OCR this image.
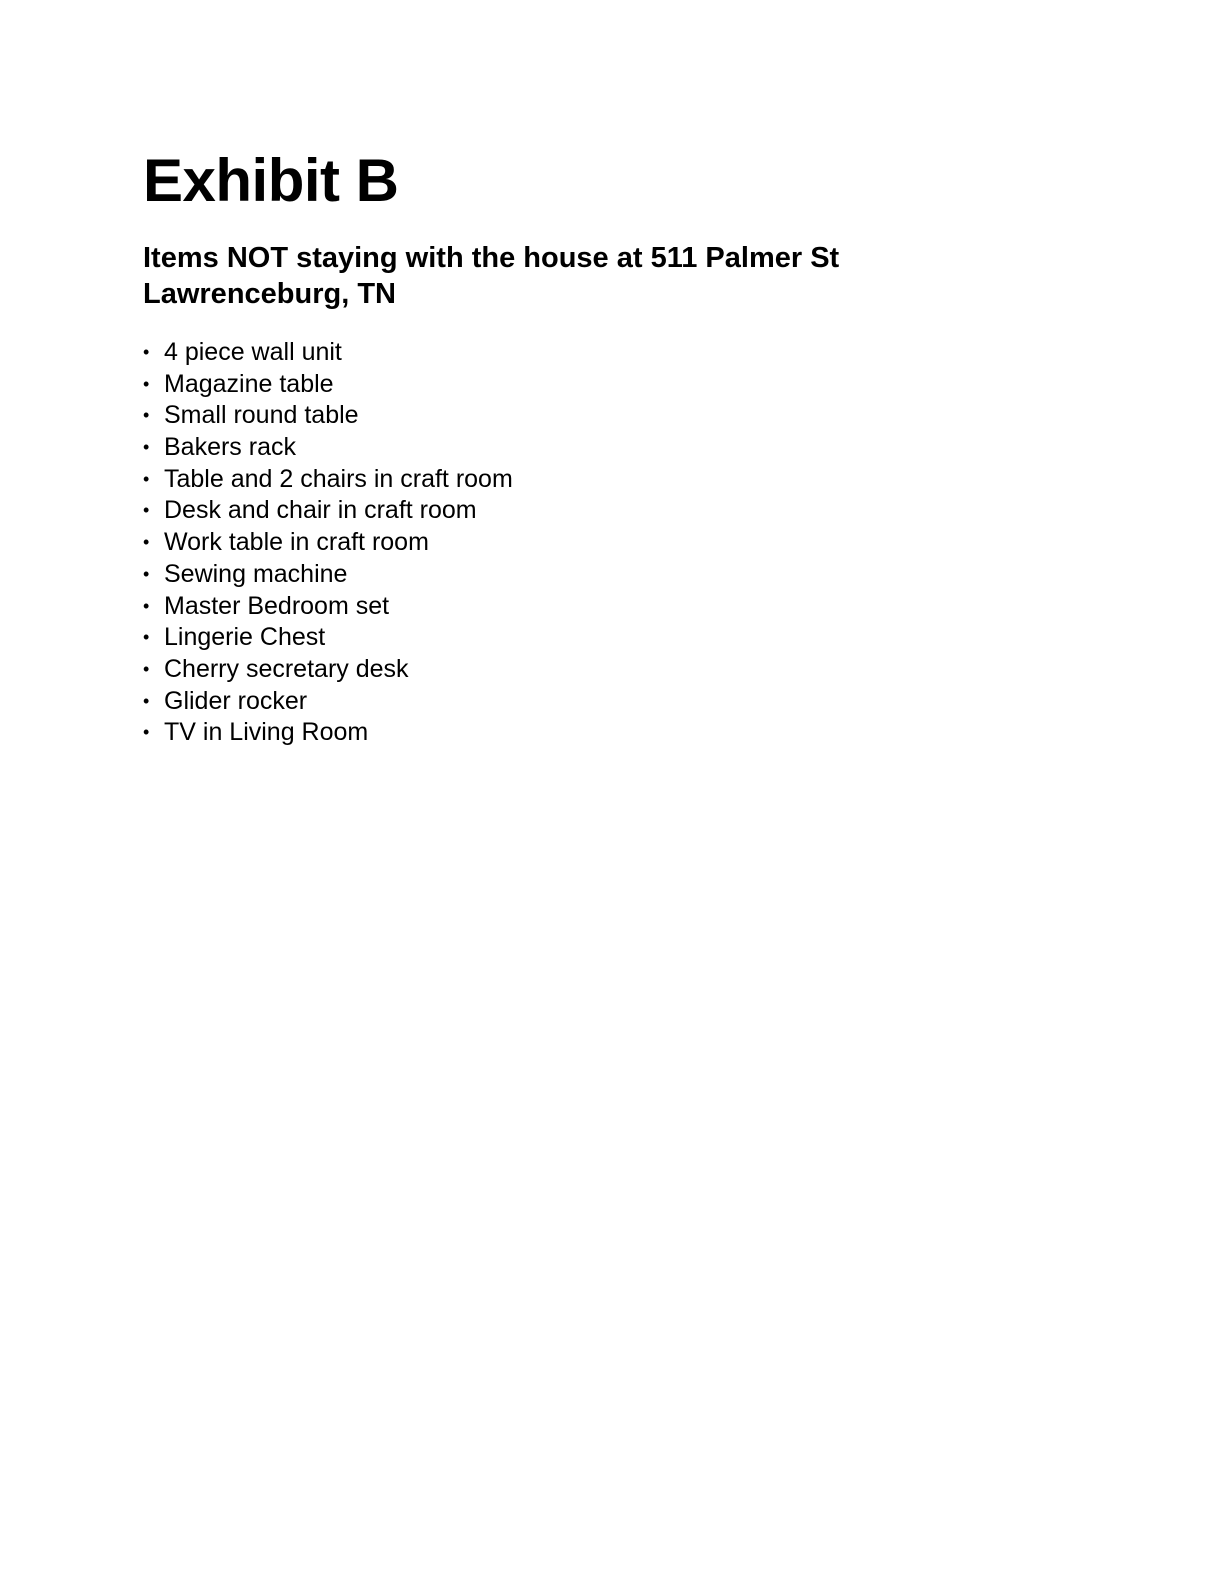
Exhibit B
Items NOT staying with the house at 511 Palmer St
Lawrenceburg, TN
• 4 piece wall unit
• Magazine table
• Small round table
• Bakers rack
• Table and 2 chairs in craft room
• Desk and chair in craft room
• Work table in craft room
• Sewing machine
• Master Bedroom set
• Lingerie Chest
• Cherry secretary desk
• Glider rocker
• TV in Living Room
